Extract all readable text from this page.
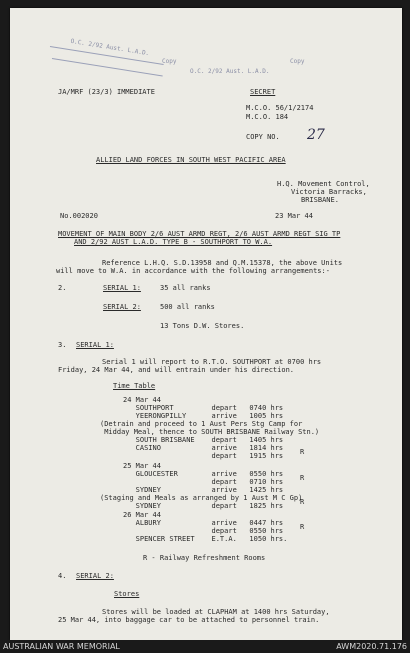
O.C. 2/92 Aust. L.A.D.
Copy
O.C. 2/92 Aust. L.A.D.
Copy
JA/MRF (23/3) IMMEDIATE	SECRET
M.C.O. 56/1/2174
M.C.O. 184
COPY NO. 27
ALLIED LAND FORCES IN SOUTH WEST PACIFIC AREA
H.Q. Movement Control,
Victoria Barracks,
BRISBANE.
No.002020	23 Mar 44
MOVEMENT OF MAIN BODY 2/6 AUST ARMD REGT, 2/6 AUST ARMD REGT SIG TP
AND 2/92 AUST L.A.D. TYPE B - SOUTHPORT TO W.A.
Reference L.H.Q. S.D.13958 and Q.M.15378, the above Units
will move to W.A. in accordance with the following arrangements:-
2.	SERIAL 1:	35 all ranks
SERIAL 2:	500 all ranks
13 Tons D.W. Stores.
3. SERIAL 1:
Serial 1 will report to R.T.O. SOUTHPORT at 0700 hrs
Friday, 24 Mar 44, and will entrain under his direction.
Time Table
24 Mar 44
SOUTHPORT         depart   0740 hrs
YEERONGPILLY      arrive   1005 hrs
(Detrain and proceed to 1 Aust Pers Stg Camp for
Midday Meal, thence to SOUTH BRISBANE Railway Stn.)
SOUTH BRISBANE    depart   1405 hrs
CASINO            arrive   1814 hrs
depart   1915 hrs
25 Mar 44
GLOUCESTER        arrive   0550 hrs
depart   0710 hrs
SYDNEY            arrive   1425 hrs
(Staging and Meals as arranged by 1 Aust M C Gp)
SYDNEY            depart   1825 hrs
26 Mar 44
ALBURY            arrive   0447 hrs
depart   0550 hrs
SPENCER STREET    E.T.A.   1050 hrs.
R
R
R
R
R - Railway Refreshment Rooms
4. SERIAL 2:
Stores
Stores will be loaded at CLAPHAM at 1400 hrs Saturday,
25 Mar 44, into baggage car to be attached to personnel train.
AUSTRALIAN WAR MEMORIAL	AWM2020.71.176
